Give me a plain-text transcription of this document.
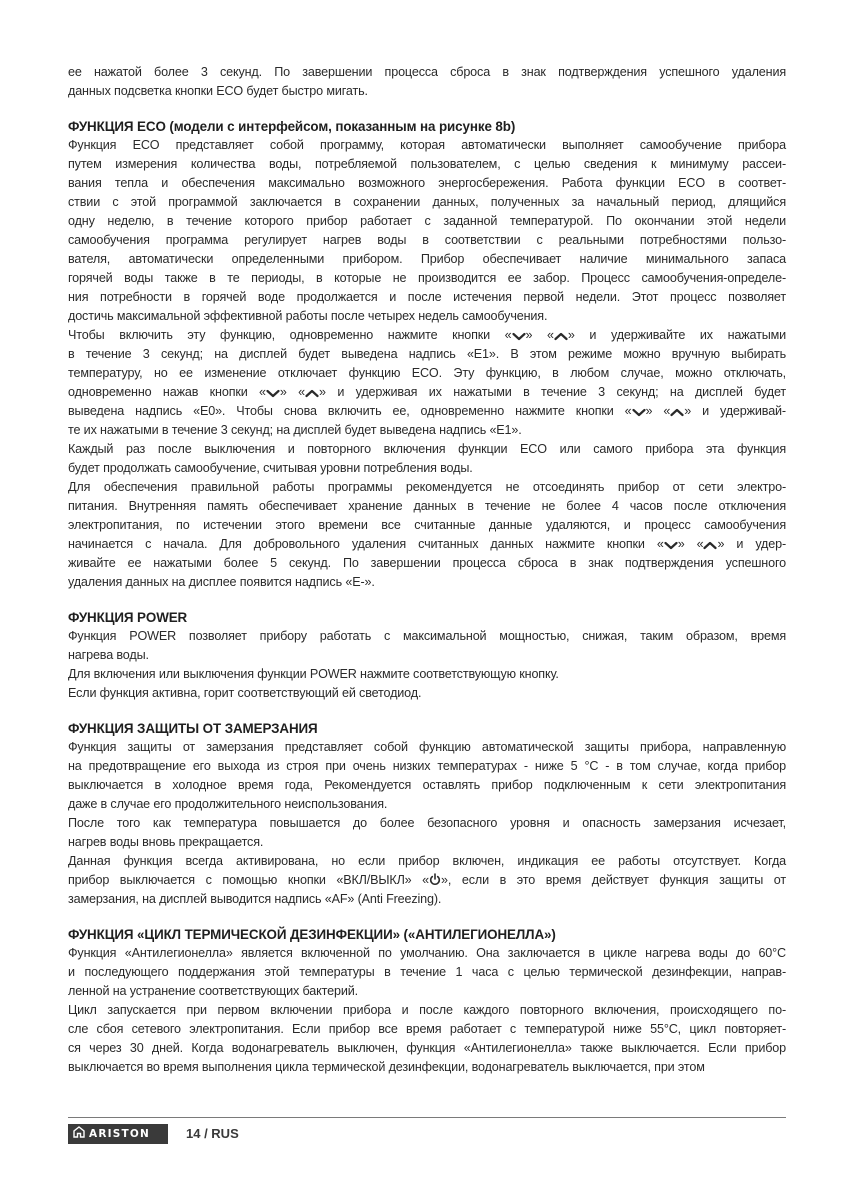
ее нажатой более 3 секунд. По завершении процесса сброса в знак подтверждения успешного удаления
данных подсветка кнопки ECO будет быстро мигать.
ФУНКЦИЯ ECO (модели с интерфейсом, показанным на рисунке 8b)
Функция ECO представляет собой программу, которая автоматически выполняет самообучение прибора
путем измерения количества воды, потребляемой пользователем, с целью сведения к минимуму рассеи-
вания тепла и обеспечения максимально возможного энергосбережения. Работа функции ECO в соответ-
ствии с этой программой заключается в сохранении данных, полученных за начальный период, длящийся
одну неделю, в течение которого прибор работает с заданной температурой. По окончании этой недели
самообучения программа регулирует нагрев воды в соответствии с реальными потребностями пользо-
вателя, автоматически определенными прибором. Прибор обеспечивает наличие минимального запаса
горячей воды также в те периоды, в которые не производится ее забор. Процесс самообучения-определе-
ния потребности в горячей воде продолжается и после истечения первой недели. Этот процесс позволяет
достичь максимальной эффективной работы после четырех недель самообучения.
Чтобы включить эту функцию, одновременно нажмите кнопки « » « » и удерживайте их нажатыми
в течение 3 секунд; на дисплей будет выведена надпись «E1». В этом режиме можно вручную выбирать
температуру, но ее изменение отключает функцию ECO. Эту функцию, в любом случае, можно отключать,
одновременно нажав кнопки « » « » и удерживая их нажатыми в течение 3 секунд; на дисплей будет
выведена надпись «E0». Чтобы снова включить ее, одновременно нажмите кнопки « » « » и удерживай-
те их нажатыми в течение 3 секунд; на дисплей будет выведена надпись «E1».
Каждый раз после выключения и повторного включения функции ECO или самого прибора эта функция
будет продолжать самообучение, считывая уровни потребления воды.
Для обеспечения правильной работы программы рекомендуется не отсоединять прибор от сети электро-
питания. Внутренняя память обеспечивает хранение данных в течение не более 4 часов после отключения
электропитания, по истечении этого времени все считанные данные удаляются, и процесс самообучения
начинается с начала. Для добровольного удаления считанных данных нажмите кнопки « » « » и удер-
живайте ее нажатыми более 5 секунд. По завершении процесса сброса в знак подтверждения успешного
удаления данных на дисплее появится надпись «E-».
ФУНКЦИЯ POWER
Функция POWER позволяет прибору работать с максимальной мощностью, снижая, таким образом, время
нагрева воды.
Для включения или выключения функции POWER нажмите соответствующую кнопку.
Если функция активна, горит соответствующий ей светодиод.
ФУНКЦИЯ ЗАЩИТЫ ОТ ЗАМЕРЗАНИЯ
Функция защиты от замерзания представляет собой функцию автоматической защиты прибора, направленную
на предотвращение его выхода из строя при очень низких температурах - ниже 5 °C - в том случае, когда прибор
выключается в холодное время года, Рекомендуется оставлять прибор подключенным к сети электропитания
даже в случае его продолжительного неиспользования.
После того как температура повышается до более безопасного уровня и опасность замерзания исчезает,
нагрев воды вновь прекращается.
Данная функция всегда активирована, но если прибор включен, индикация ее работы отсутствует. Когда
прибор выключается с помощью кнопки «ВКЛ/ВЫКЛ» « », если в это время действует функция защиты от
замерзания, на дисплей выводится надпись «AF» (Anti Freezing).
ФУНКЦИЯ «ЦИКЛ ТЕРМИЧЕСКОЙ ДЕЗИНФЕКЦИИ» («АНТИЛЕГИОНЕЛЛА»)
Функция «Антилегионелла» является включенной по умолчанию. Она заключается в цикле нагрева воды до 60°C
и последующего поддержания этой температуры в течение 1 часа с целью термической дезинфекции, направ-
ленной на устранение соответствующих бактерий.
Цикл запускается при первом включении прибора и после каждого повторного включения, происходящего по-
сле сбоя сетевого электропитания. Если прибор все время работает с температурой ниже 55°C, цикл повторяет-
ся через 30 дней. Когда водонагреватель выключен, функция «Антилегионелла» также выключается. Если прибор
выключается во время выполнения цикла термической дезинфекции, водонагреватель выключается, при этом
ARISTON	14 / RUS
